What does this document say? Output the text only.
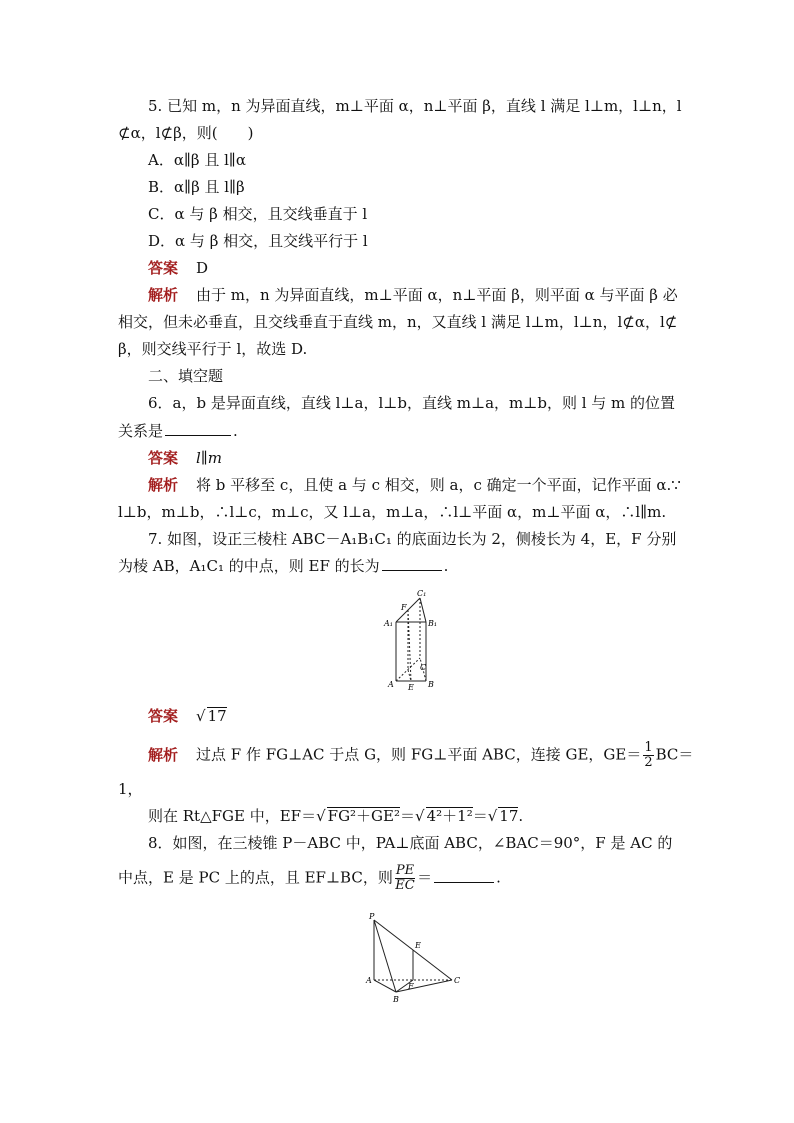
5. 已知 m，n 为异面直线，m⊥平面 α，n⊥平面 β，直线 l 满足 l⊥m，l⊥n，l
⊄α，l⊄β，则(　　)
A．α∥β 且 l∥α
B．α∥β 且 l∥β
C．α 与 β 相交，且交线垂直于 l
D．α 与 β 相交，且交线平行于 l
答案 D
解析 由于 m，n 为异面直线，m⊥平面 α，n⊥平面 β，则平面 α 与平面 β 必
相交，但未必垂直，且交线垂直于直线 m，n，又直线 l 满足 l⊥m，l⊥n，l⊄α，l⊄
β，则交线平行于 l，故选 D.
二、填空题
6．a，b 是异面直线，直线 l⊥a，l⊥b，直线 m⊥a，m⊥b，则 l 与 m 的位置
关系是	.
答案 l∥m
解析 将 b 平移至 c，且使 a 与 c 相交，则 a，c 确定一个平面，记作平面 α.∵
l⊥b，m⊥b，∴l⊥c，m⊥c，又 l⊥a，m⊥a，∴l⊥平面 α，m⊥平面 α，∴l∥m.
7. 如图，设正三棱柱 ABC－A₁B₁C₁ 的底面边长为 2，侧棱长为 4，E，F 分别
为棱 AB，A₁C₁ 的中点，则 EF 的长为	.
A₁	B₁
C₁
F
A	B
C
E
答案 √ 17
解析 过点 F 作 FG⊥AC 于点 G，则 FG⊥平面 ABC，连接 GE，$GE= \frac{1}{2} BC=$
1，
则在 Rt△FGE 中，EF＝√ FG²＋GE²＝√ 4²＋1²＝√ 17.
8．如图，在三棱锥 P－ABC 中，PA⊥底面 ABC，∠BAC＝90°，F 是 AC 的
中点，E 是 PC 上的点，且 EF⊥BC，则 $\frac{PE}{EC}$ ＝	.
P
A
B
C
E
F
